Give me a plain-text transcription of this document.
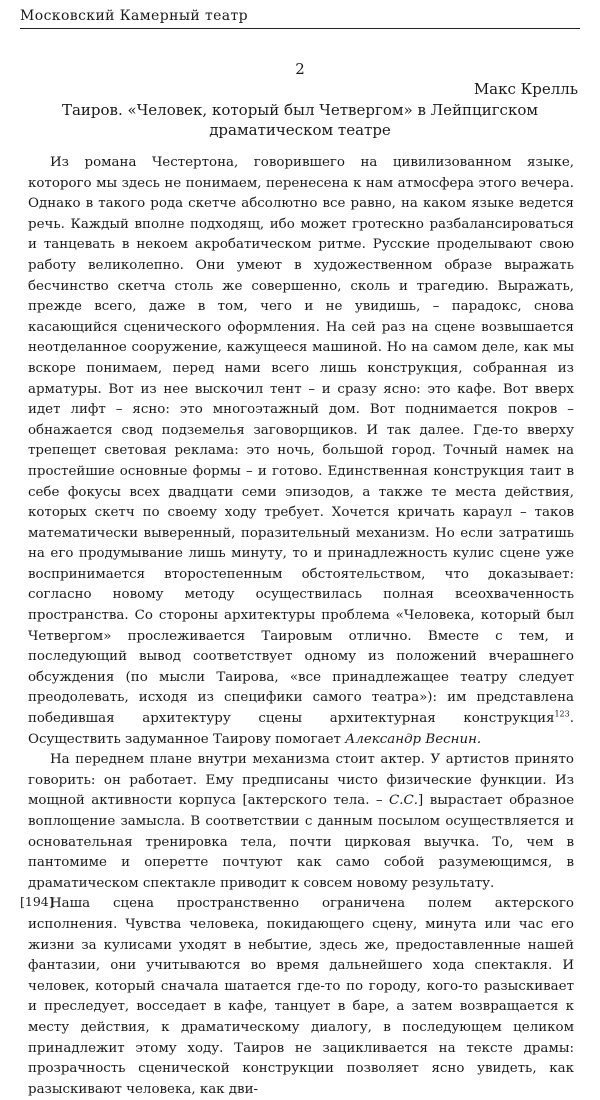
Московский Камерный театр
2
Макс Крелль
Таиров. «Человек, который был Четвергом» в Лейпцигском
драматическом театре

Из романа Честертона, говорившего на цивилизованном языке, которого мы здесь не понимаем, перенесена к нам атмосфера этого вечера. Однако в такого рода скетче абсолютно все равно, на каком языке ведется речь. Каждый вполне подходящ, ибо может гротескно разбалансироваться и танцевать в некоем акробатическом ритме. Русские проделывают свою работу великолепно. Они умеют в художественном образе выражать бесчинство скетча столь же совершенно, сколь и трагедию. Выражать, прежде всего, даже в том, чего и не увидишь, – парадокс, снова касающийся сценического оформления. На сей раз на сцене возвышается неотделанное сооружение, кажущееся машиной. Но на самом деле, как мы вскоре понимаем, перед нами всего лишь конструкция, собранная из арматуры. Вот из нее выскочил тент – и сразу ясно: это кафе. Вот вверх идет лифт – ясно: это многоэтажный дом. Вот поднимается покров – обнажается свод подземелья заговорщиков. И так далее. Где-то вверху трепещет световая реклама: это ночь, большой город. Точный намек на простейшие основные формы – и готово. Единственная конструкция таит в себе фокусы всех двадцати семи эпизодов, а также те места действия, которых скетч по своему ходу требует. Хочется кричать караул – таков математически выверенный, поразительный механизм. Но если затратишь на его продумывание лишь минуту, то и принадлежность кулис сцене уже воспринимается второстепенным обстоятельством, что доказывает: согласно новому методу осуществилась полная всеохваченность пространства. Со стороны архитектуры проблема «Человека, который был Четвергом» прослеживается Таировым отлично. Вместе с тем, и последующий вывод соответствует одному из положений вчерашнего обсуждения (по мысли Таирова, «все принадлежащее театру следует преодолевать, исходя из специфики самого театра»): им представлена победившая архитектуру сцены архитектурная конструкция$^{123}$. Осуществить задуманное Таирову помогает Александр Веснин.

На переднем плане внутри механизма стоит актер. У артистов принято говорить: он работает. Ему предписаны чисто физические функции. Из мощной активности корпуса [актерского тела. – С.С.] вырастает образное воплощение замысла. В соответствии с данным посылом осуществляется и основательная тренировка тела, почти цирковая выучка. То, чем в пантомиме и оперетте почтуют как само собой разумеющимся, в драматическом спектакле приводит к совсем новому результату.

Наша сцена пространственно ограничена полем актерского исполнения. Чувства человека, покидающего сцену, минута или час его жизни за кулисами уходят в небытие, здесь же, предоставленные нашей фантазии, они учитываются во время дальнейшего хода спектакля. И человек, который сначала шатается где-то по городу, кого-то разыскивает и преследует, восседает в кафе, танцует в баре, а затем возвращается к месту действия, к драматическому диалогу, в последующем целиком принадлежит этому ходу. Таиров не зацикливается на тексте драмы: прозрачность сценической конструкции позволяет ясно увидеть, как разыскивают человека, как дви-

[194]
